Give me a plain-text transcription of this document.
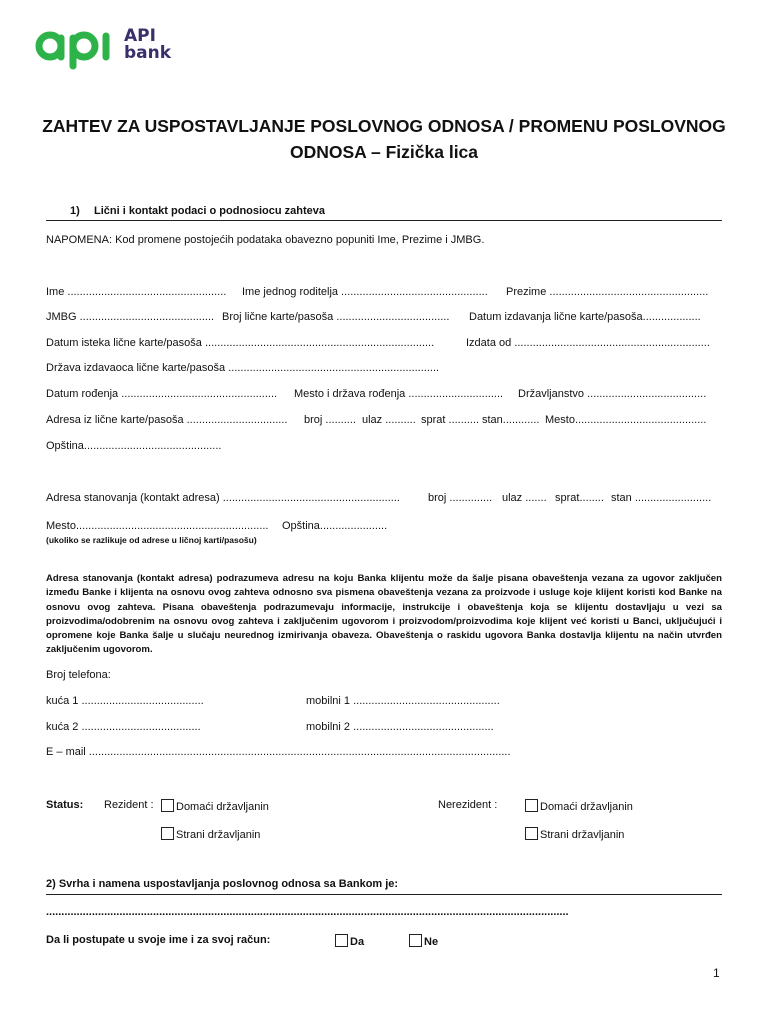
API
bank
ZAHTEV ZA USPOSTAVLJANJE POSLOVNOG ODNOSA / PROMENU POSLOVNOG
ODNOSA – Fizička lica
1) Lični i kontakt podaci o podnosiocu zahteva
NAPOMENA: Kod promene postojećih podataka obavezno popuniti Ime, Prezime i JMBG.
Ime .................................................... Ime jednog roditelja ................................................ Prezime ....................................................
JMBG ............................................ Broj lične karte/pasoša ..................................... Datum izdavanja lične karte/pasoša...................
Datum isteka lične karte/pasoša ...........................................................................	Izdata od ................................................................
Država izdavaoca lične karte/pasoša .....................................................................
Datum rođenja ................................................... Mesto i država rođenja ............................... Državljanstvo .......................................
Adresa iz lične karte/pasoša ................................. broj .......... ulaz .......... sprat .......... stan............ Mesto...........................................
Opština.............................................
Adresa stanovanja (kontakt adresa) ..........................................................	broj .............. ulaz ....... sprat........ stan .........................
Mesto............................................................... Opština......................
(ukoliko se razlikuje od adrese u ličnoj karti/pasošu)
Adresa stanovanja (kontakt adresa) podrazumeva adresu na koju Banka klijentu može da šalje pisana obaveštenja vezana za ugovor zaključen između Banke i klijenta na osnovu ovog zahteva odnosno sva pismena obaveštenja vezana za proizvode i usluge koje klijent koristi kod Banke na osnovu ovog zahteva. Pisana obaveštenja podrazumevaju informacije, instrukcije i obaveštenja koja se klijentu dostavljaju u vezi sa proizvodima/odobrenim na osnovu ovog zahteva i zaključenim ugovorom i proizvodom/proizvodima koje klijent već koristi u Banci, uključujući i opromene koje Banka šalje u slučaju neurednog izmirivanja obaveza. Obaveštenja o raskidu ugovora Banka dostavlja klijentu na način utvrđen zaključenim ugovorom.
Broj telefona:
kuća 1 ........................................	mobilni 1 ................................................
kuća 2 .......................................	mobilni 2 ..............................................
E – mail ..........................................................................................................................................
Status: Rezident :	Domaći državljanin
Strani državljanin
Nerezident :	Domaći državljanin
Strani državljanin
2) Svrha i namena uspostavljanja poslovnog odnosa sa Bankom je:
...........................................................................................................................................................................
Da li postupate u svoje ime i za svoj račun:	Da	Ne
1
